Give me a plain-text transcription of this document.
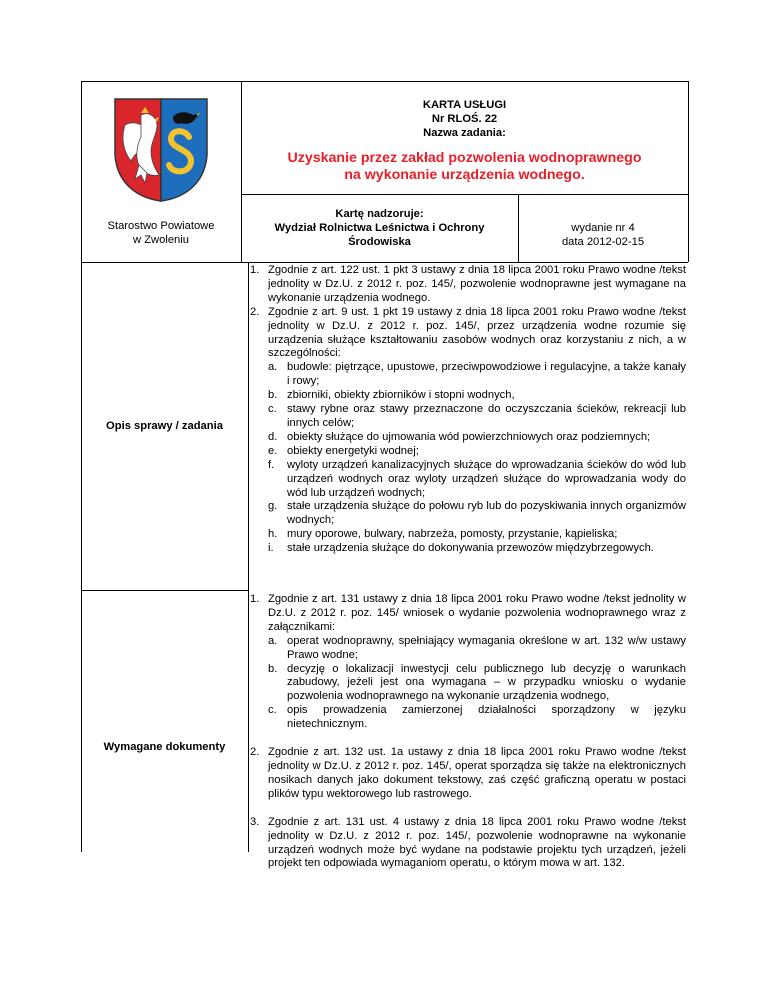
KARTA USŁUGI
Nr RLOŚ. 22
Nazwa zadania:
Uzyskanie przez zakład pozwolenia wodnoprawnego
na wykonanie urządzenia wodnego.
Starostwo Powiatowe
w Zwoleniu
Kartę nadzoruje:
Wydział Rolnictwa Leśnictwa i Ochrony
Środowiska
wydanie nr 4
data 2012-02-15
Opis sprawy / zadania
Wymagane dokumenty
1. Zgodnie z art. 122 ust. 1 pkt 3 ustawy z dnia 18 lipca 2001 roku Prawo wodne /tekst jednolity w Dz.U. z 2012 r. poz. 145/, pozwolenie wodnoprawne jest wymagane na wykonanie urządzenia wodnego.

2. Zgodnie z art. 9 ust. 1 pkt 19 ustawy z dnia 18 lipca 2001 roku Prawo wodne /tekst jednolity w Dz.U. z 2012 r. poz. 145/, przez urządzenia wodne rozumie się urządzenia służące kształtowaniu zasobów wodnych oraz korzystaniu z nich, a w szczególności:

a. budowle: piętrzące, upustowe, przeciwpowodziowe i regulacyjne, a także kanały i rowy;

b. zbiorniki, obiekty zbiorników i stopni wodnych,

c. stawy rybne oraz stawy przeznaczone do oczyszczania ścieków, rekreacji lub innych celów;

d. obiekty służące do ujmowania wód powierzchniowych oraz podziemnych;

e. obiekty energetyki wodnej;

f. wyloty urządzeń kanalizacyjnych służące do wprowadzania ścieków do wód lub urządzeń wodnych oraz wyloty urządzeń służące do wprowadzania wody do wód lub urządzeń wodnych;

g. stałe urządzenia służące do połowu ryb lub do pozyskiwania innych organizmów wodnych;

h. mury oporowe, bulwary, nabrzeża, pomosty, przystanie, kąpieliska;

i. stałe urządzenia służące do dokonywania przewozów międzybrzegowych.

1. Zgodnie z art. 131 ustawy z dnia 18 lipca 2001 roku Prawo wodne /tekst jednolity w Dz.U. z 2012 r. poz. 145/ wniosek o wydanie pozwolenia wodnoprawnego wraz z załącznikami:

a. operat wodnoprawny, spełniający wymagania określone w art. 132 w/w ustawy Prawo wodne;

b. decyzję o lokalizacji inwestycji celu publicznego lub decyzję o warunkach zabudowy, jeżeli jest ona wymagana – w przypadku wniosku o wydanie pozwolenia wodnoprawnego na wykonanie urządzenia wodnego,

c. opis prowadzenia zamierzonej działalności sporządzony w języku nietechnicznym.

2. Zgodnie z art. 132 ust. 1a ustawy z dnia 18 lipca 2001 roku Prawo wodne /tekst jednolity w Dz.U. z 2012 r. poz. 145/, operat sporządza się także na elektronicznych nosikach danych jako dokument tekstowy, zaś część graficzną operatu w postaci plików typu wektorowego lub rastrowego.

3. Zgodnie z art. 131 ust. 4 ustawy z dnia 18 lipca 2001 roku Prawo wodne /tekst jednolity w Dz.U. z 2012 r. poz. 145/, pozwolenie wodnoprawne na wykonanie urządzeń wodnych może być wydane na podstawie projektu tych urządzeń, jeżeli projekt ten odpowiada wymaganiom operatu, o którym mowa w art. 132.
